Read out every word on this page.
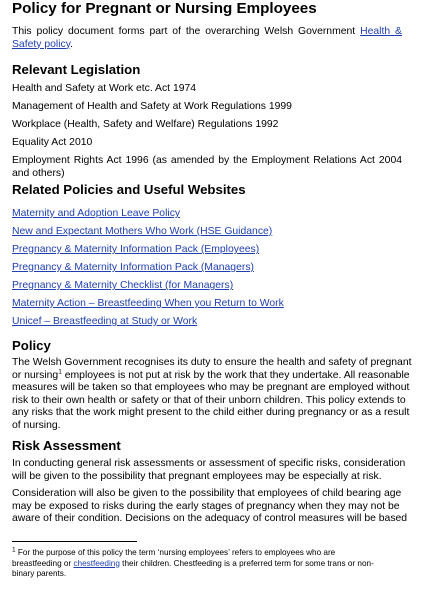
Policy for Pregnant or Nursing Employees
This policy document forms part of the overarching Welsh Government Health &
Safety policy.
Relevant Legislation
Health and Safety at Work etc. Act 1974
Management of Health and Safety at Work Regulations 1999
Workplace (Health, Safety and Welfare) Regulations 1992
Equality Act 2010
Employment Rights Act 1996 (as amended by the Employment Relations Act 2004
and others)
Related Policies and Useful Websites
Maternity and Adoption Leave Policy
New and Expectant Mothers Who Work (HSE Guidance)
Pregnancy & Maternity Information Pack (Employees)
Pregnancy & Maternity Information Pack (Managers)
Pregnancy & Maternity Checklist (for Managers)
Maternity Action – Breastfeeding When you Return to Work
Unicef – Breastfeeding at Study or Work
Policy
The Welsh Government recognises its duty to ensure the health and safety of pregnant
or nursing$^1$ employees is not put at risk by the work that they undertake. All reasonable
measures will be taken so that employees who may be pregnant are employed without
risk to their own health or safety or that of their unborn children. This policy extends to
any risks that the work might present to the child either during pregnancy or as a result
of nursing.
Risk Assessment
In conducting general risk assessments or assessment of specific risks, consideration
will be given to the possibility that pregnant employees may be especially at risk.
Consideration will also be given to the possibility that employees of child bearing age
may be exposed to risks during the early stages of pregnancy when they may not be
aware of their condition. Decisions on the adequacy of control measures will be based
$^1$ For the purpose of this policy the term ‘nursing employees’ refers to employees who are
breastfeeding or chestfeeding their children. Chestfeeding is a preferred term for some trans or non-
binary parents.
